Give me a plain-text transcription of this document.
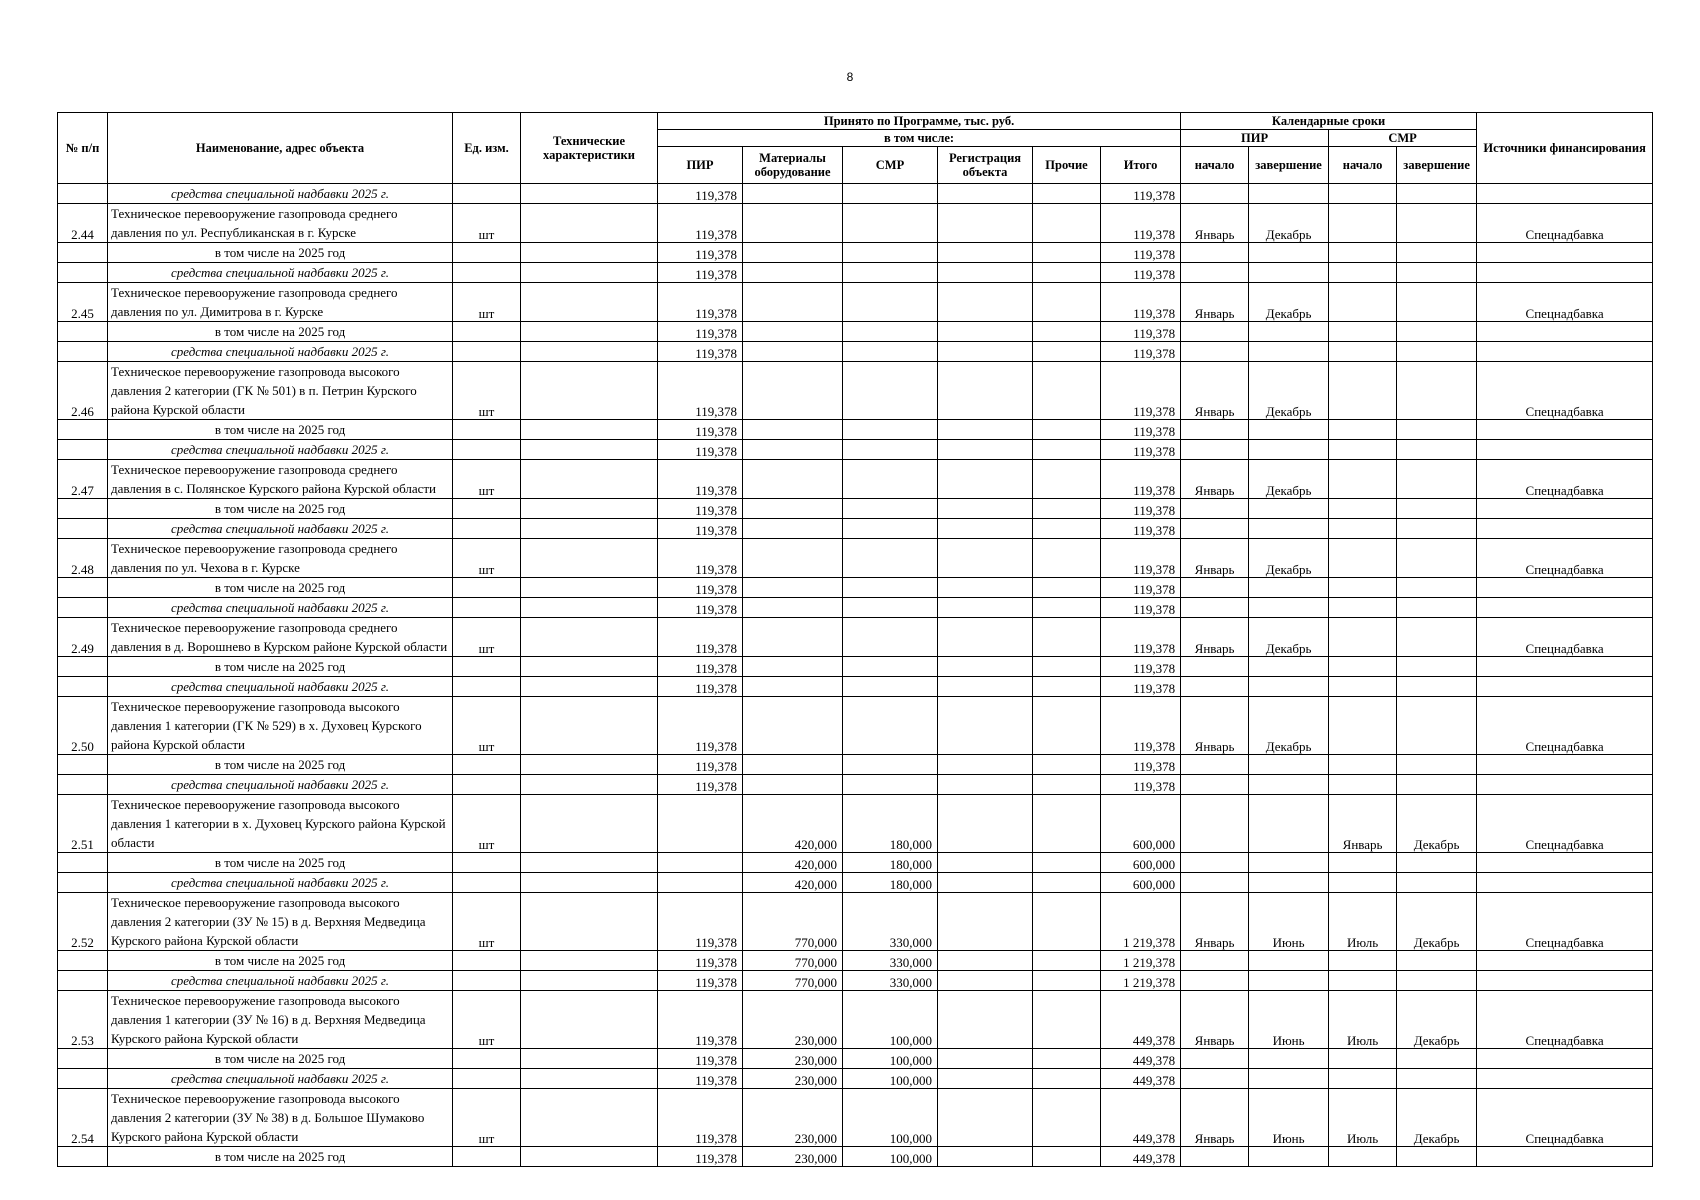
8
№ п/п	Наименование, адрес объекта	Ед. изм.	Технические характеристики	Принято по Программе, тыс. руб.						Календарные сроки				Источники финансирования
				в том числе:						ПИР		СМР		
				ПИР	Материалы оборудование	СМР	Регистрация объекта	Прочие	Итого	начало	завершение	начало	завершение	
	средства специальной надбавки 2025 г.			119,378					119,378					
2.44	Техническое перевооружение газопровода среднего давления по ул. Республиканская в г. Курске	шт		119,378					119,378	Январь	Декабрь			Спецнадбавка
	в том числе на 2025 год			119,378					119,378					
	средства специальной надбавки 2025 г.			119,378					119,378					
2.45	Техническое перевооружение газопровода среднего давления по ул. Димитрова в г. Курске	шт		119,378					119,378	Январь	Декабрь			Спецнадбавка
	в том числе на 2025 год			119,378					119,378					
	средства специальной надбавки 2025 г.			119,378					119,378					
2.46	Техническое перевооружение газопровода высокого давления 2 категории (ГК № 501) в п. Петрин Курского района Курской области	шт		119,378					119,378	Январь	Декабрь			Спецнадбавка
	в том числе на 2025 год			119,378					119,378					
	средства специальной надбавки 2025 г.			119,378					119,378					
2.47	Техническое перевооружение газопровода среднего давления в с. Полянское Курского района Курской области	шт		119,378					119,378	Январь	Декабрь			Спецнадбавка
	в том числе на 2025 год			119,378					119,378					
	средства специальной надбавки 2025 г.			119,378					119,378					
2.48	Техническое перевооружение газопровода среднего давления по ул. Чехова в г. Курске	шт		119,378					119,378	Январь	Декабрь			Спецнадбавка
	в том числе на 2025 год			119,378					119,378					
	средства специальной надбавки 2025 г.			119,378					119,378					
2.49	Техническое перевооружение газопровода среднего давления в д. Ворошнево в Курском районе Курской области	шт		119,378					119,378	Январь	Декабрь			Спецнадбавка
	в том числе на 2025 год			119,378					119,378					
	средства специальной надбавки 2025 г.			119,378					119,378					
2.50	Техническое перевооружение газопровода высокого давления 1 категории (ГК № 529) в х. Духовец Курского района Курской области	шт		119,378					119,378	Январь	Декабрь			Спецнадбавка
	в том числе на 2025 год			119,378					119,378					
	средства специальной надбавки 2025 г.			119,378					119,378					
2.51	Техническое перевооружение газопровода высокого давления 1 категории в х. Духовец Курского района Курской области	шт			420,000	180,000			600,000			Январь	Декабрь	Спецнадбавка
	в том числе на 2025 год				420,000	180,000			600,000					
	средства специальной надбавки 2025 г.				420,000	180,000			600,000					
2.52	Техническое перевооружение газопровода высокого давления 2 категории (ЗУ № 15) в д. Верхняя Медведица Курского района Курской области	шт		119,378	770,000	330,000			1 219,378	Январь	Июнь	Июль	Декабрь	Спецнадбавка
	в том числе на 2025 год			119,378	770,000	330,000			1 219,378					
	средства специальной надбавки 2025 г.			119,378	770,000	330,000			1 219,378					
2.53	Техническое перевооружение газопровода высокого давления 1 категории (ЗУ № 16) в д. Верхняя Медведица Курского района Курской области	шт		119,378	230,000	100,000			449,378	Январь	Июнь	Июль	Декабрь	Спецнадбавка
	в том числе на 2025 год			119,378	230,000	100,000			449,378					
	средства специальной надбавки 2025 г.			119,378	230,000	100,000			449,378					
2.54	Техническое перевооружение газопровода высокого давления 2 категории (ЗУ № 38) в д. Большое Шумаково Курского района Курской области	шт		119,378	230,000	100,000			449,378	Январь	Июнь	Июль	Декабрь	Спецнадбавка
	в том числе на 2025 год			119,378	230,000	100,000			449,378					
